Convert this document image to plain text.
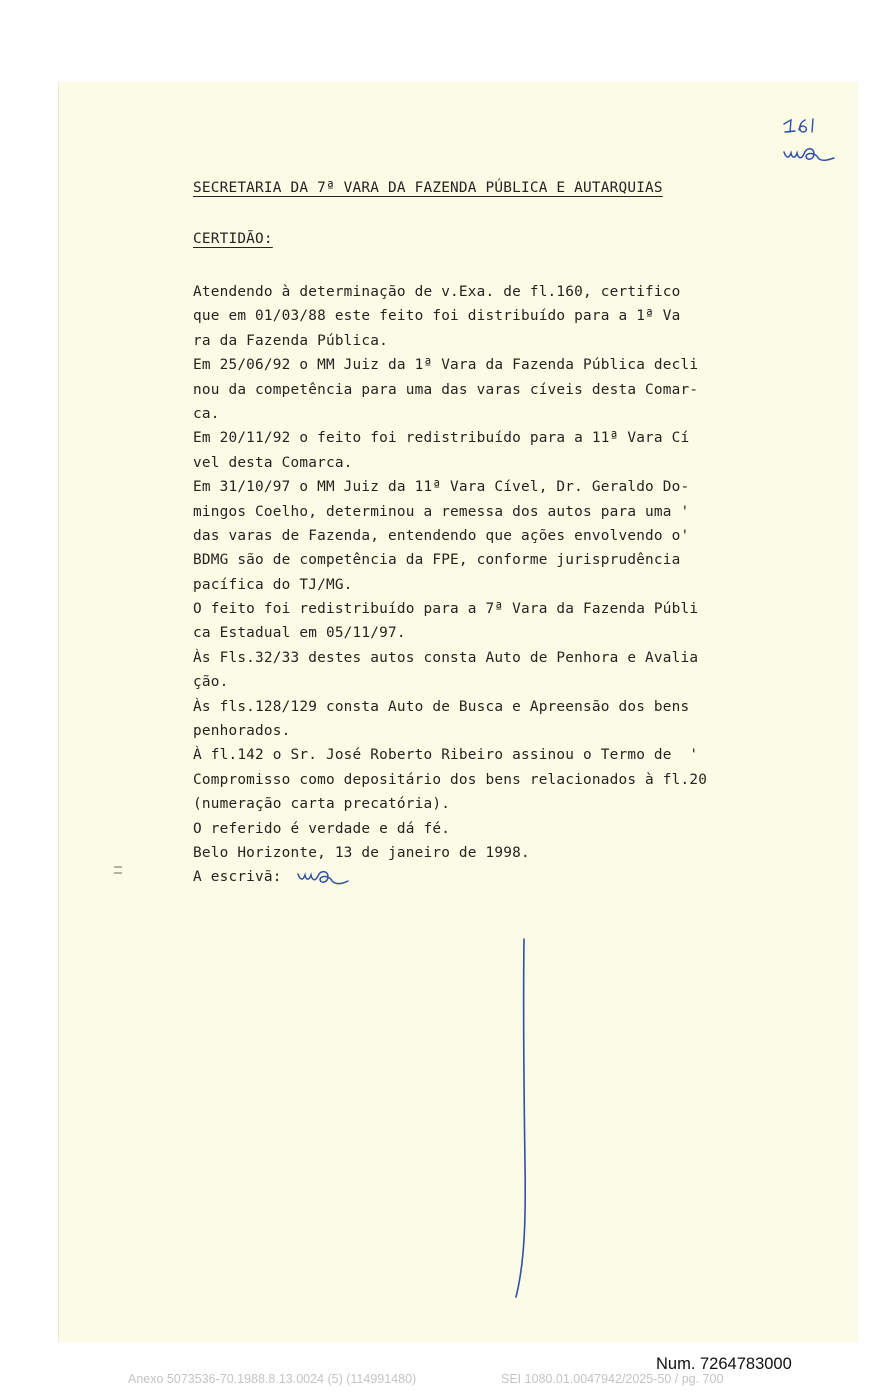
SECRETARIA DA 7ª VARA DA FAZENDA PÚBLICA E AUTARQUIAS
CERTIDÃO:
Atendendo à determinação de v.Exa. de fl.160, certifico
que em 01/03/88 este feito foi distribuído para a 1ª Va
ra da Fazenda Pública.
Em 25/06/92 o MM Juiz da 1ª Vara da Fazenda Pública decli
nou da competência para uma das varas cíveis desta Comar-
ca.
Em 20/11/92 o feito foi redistribuído para a 11ª Vara Cí
vel desta Comarca.
Em 31/10/97 o MM Juiz da 11ª Vara Cível, Dr. Geraldo Do-
mingos Coelho, determinou a remessa dos autos para uma '
das varas de Fazenda, entendendo que ações envolvendo o'
BDMG são de competência da FPE, conforme jurisprudência
pacífica do TJ/MG.
O feito foi redistribuído para a 7ª Vara da Fazenda Públi
ca Estadual em 05/11/97.
Às Fls.32/33 destes autos consta Auto de Penhora e Avalia
ção.
Às fls.128/129 consta Auto de Busca e Apreensão dos bens
penhorados.
À fl.142 o Sr. José Roberto Ribeiro assinou o Termo de  '
Compromisso como depositário dos bens relacionados à fl.20
(numeração carta precatória).
O referido é verdade e dá fé.
Belo Horizonte, 13 de janeiro de 1998.
A escrivã:
Num. 7264783000
Anexo 5073536-70.1988.8.13.0024 (5) (114991480)	SEI 1080.01.0047942/2025-50 / pg. 700
